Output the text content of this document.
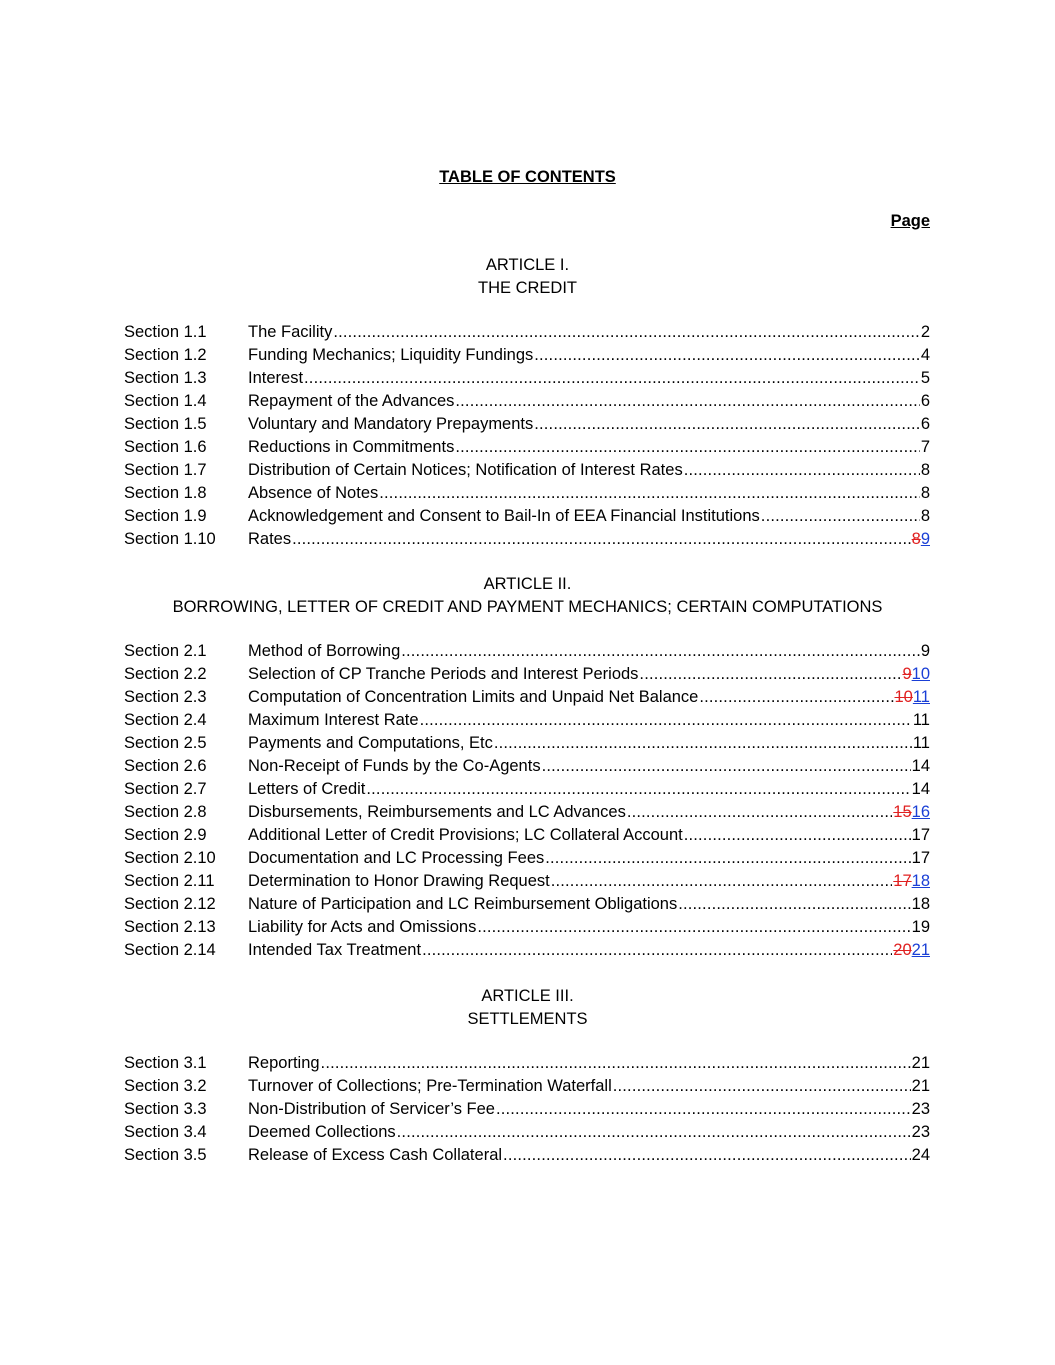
TABLE OF CONTENTS
Page
ARTICLE I.
THE CREDIT
Section 1.1	The Facility . . .	2
Section 1.2	Funding Mechanics; Liquidity Fundings . . .	4
Section 1.3	Interest . . .	5
Section 1.4	Repayment of the Advances . . .	6
Section 1.5	Voluntary and Mandatory Prepayments . . .	6
Section 1.6	Reductions in Commitments . . .	7
Section 1.7	Distribution of Certain Notices; Notification of Interest Rates . . .	8
Section 1.8	Absence of Notes . . .	8
Section 1.9	Acknowledgement and Consent to Bail-In of EEA Financial Institutions . . .	8
Section 1.10	Rates . . .	89
ARTICLE II.
BORROWING, LETTER OF CREDIT AND PAYMENT MECHANICS; CERTAIN COMPUTATIONS
Section 2.1	Method of Borrowing . . .	9
Section 2.2	Selection of CP Tranche Periods and Interest Periods . . .	910
Section 2.3	Computation of Concentration Limits and Unpaid Net Balance . . .	1011
Section 2.4	Maximum Interest Rate . . .	11
Section 2.5	Payments and Computations, Etc . . .	11
Section 2.6	Non-Receipt of Funds by the Co-Agents . . .	14
Section 2.7	Letters of Credit . . .	14
Section 2.8	Disbursements, Reimbursements and LC Advances . . .	1516
Section 2.9	Additional Letter of Credit Provisions; LC Collateral Account . . .	17
Section 2.10	Documentation and LC Processing Fees . . .	17
Section 2.11	Determination to Honor Drawing Request . . .	1718
Section 2.12	Nature of Participation and LC Reimbursement Obligations . . .	18
Section 2.13	Liability for Acts and Omissions . . .	19
Section 2.14	Intended Tax Treatment . . .	2021
ARTICLE III.
SETTLEMENTS
Section 3.1	Reporting . . .	21
Section 3.2	Turnover of Collections; Pre-Termination Waterfall . . .	21
Section 3.3	Non-Distribution of Servicer’s Fee . . .	23
Section 3.4	Deemed Collections . . .	23
Section 3.5	Release of Excess Cash Collateral . . .	24
